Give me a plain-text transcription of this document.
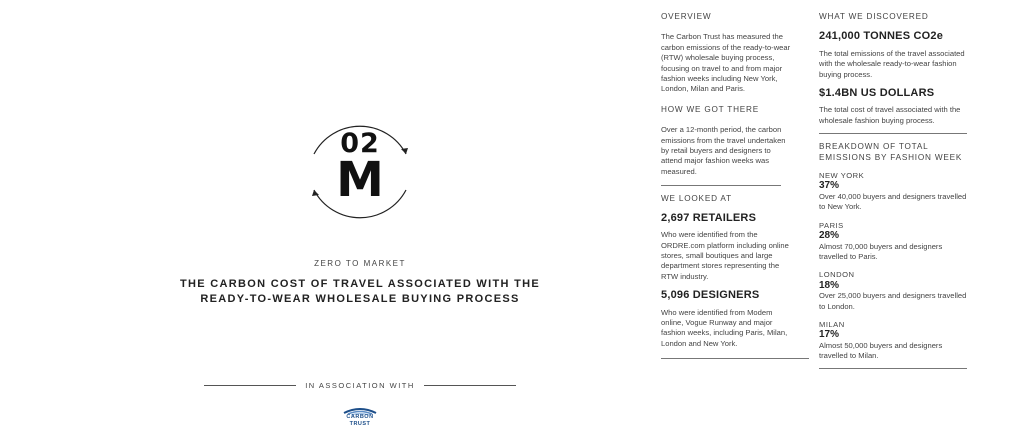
02
M
ZERO TO MARKET
THE CARBON COST OF TRAVEL ASSOCIATED WITH THE
READY-TO-WEAR WHOLESALE BUYING PROCESS
IN ASSOCIATION WITH
CARBON
TRUST
OVERVIEW
The Carbon Trust has measured the carbon emissions of the ready-to-wear (RTW) wholesale buying process, focusing on travel to and from major fashion weeks including New York, London, Milan and Paris.
HOW WE GOT THERE
Over a 12-month period, the carbon emissions from the travel undertaken by retail buyers and designers to attend major fashion weeks was measured.
WE LOOKED AT
2,697 RETAILERS
Who were identified from the ORDRE.com platform including online stores, small boutiques and large department stores representing the RTW industry.
5,096 DESIGNERS
Who were identified from Modem online, Vogue Runway and major fashion weeks, including Paris, Milan, London and New York.
WHAT WE DISCOVERED
241,000 TONNES CO2e
The total emissions of the travel associated with the wholesale ready-to-wear fashion buying process.
$1.4BN US DOLLARS
The total cost of travel associated with the wholesale fashion buying process.
BREAKDOWN OF TOTAL EMISSIONS BY FASHION WEEK
NEW YORK
37%
Over 40,000 buyers and designers travelled to New York.
PARIS
28%
Almost 70,000 buyers and designers travelled to Paris.
LONDON
18%
Over 25,000 buyers and designers travelled to London.
MILAN
17%
Almost 50,000 buyers and designers travelled to Milan.
